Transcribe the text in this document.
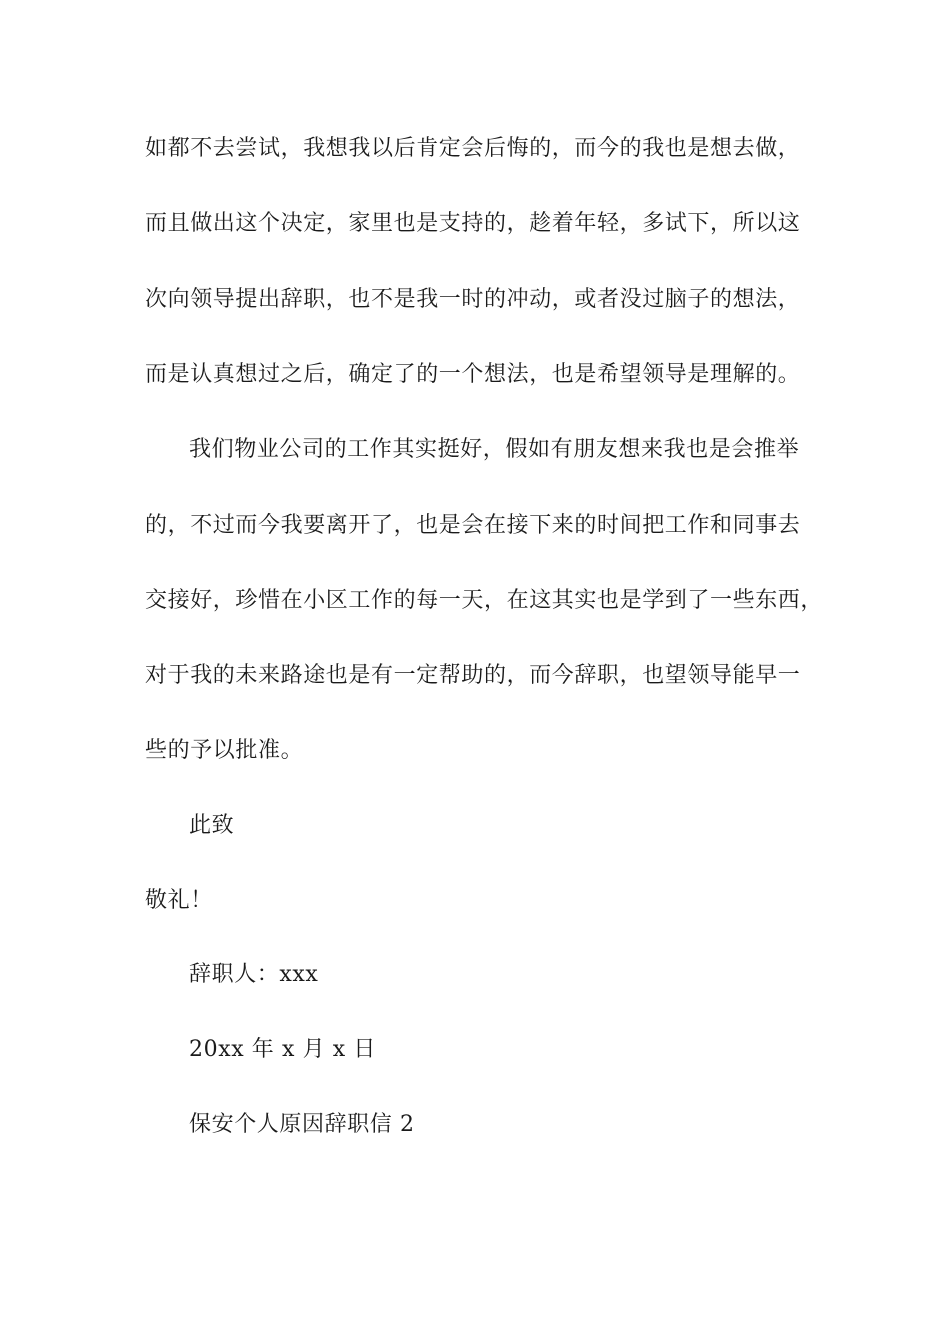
如都不去尝试，我想我以后肯定会后悔的，而今的我也是想去做，
而且做出这个决定，家里也是支持的，趁着年轻，多试下，所以这
次向领导提出辞职，也不是我一时的冲动，或者没过脑子的想法，
而是认真想过之后，确定了的一个想法，也是希望领导是理解的。
我们物业公司的工作其实挺好，假如有朋友想来我也是会推举
的，不过而今我要离开了，也是会在接下来的时间把工作和同事去
交接好，珍惜在小区工作的每一天，在这其实也是学到了一些东西，
对于我的未来路途也是有一定帮助的，而今辞职，也望领导能早一
些的予以批准。
此致
敬礼！
辞职人：xxx
20xx 年 x 月 x 日
保安个人原因辞职信 2
